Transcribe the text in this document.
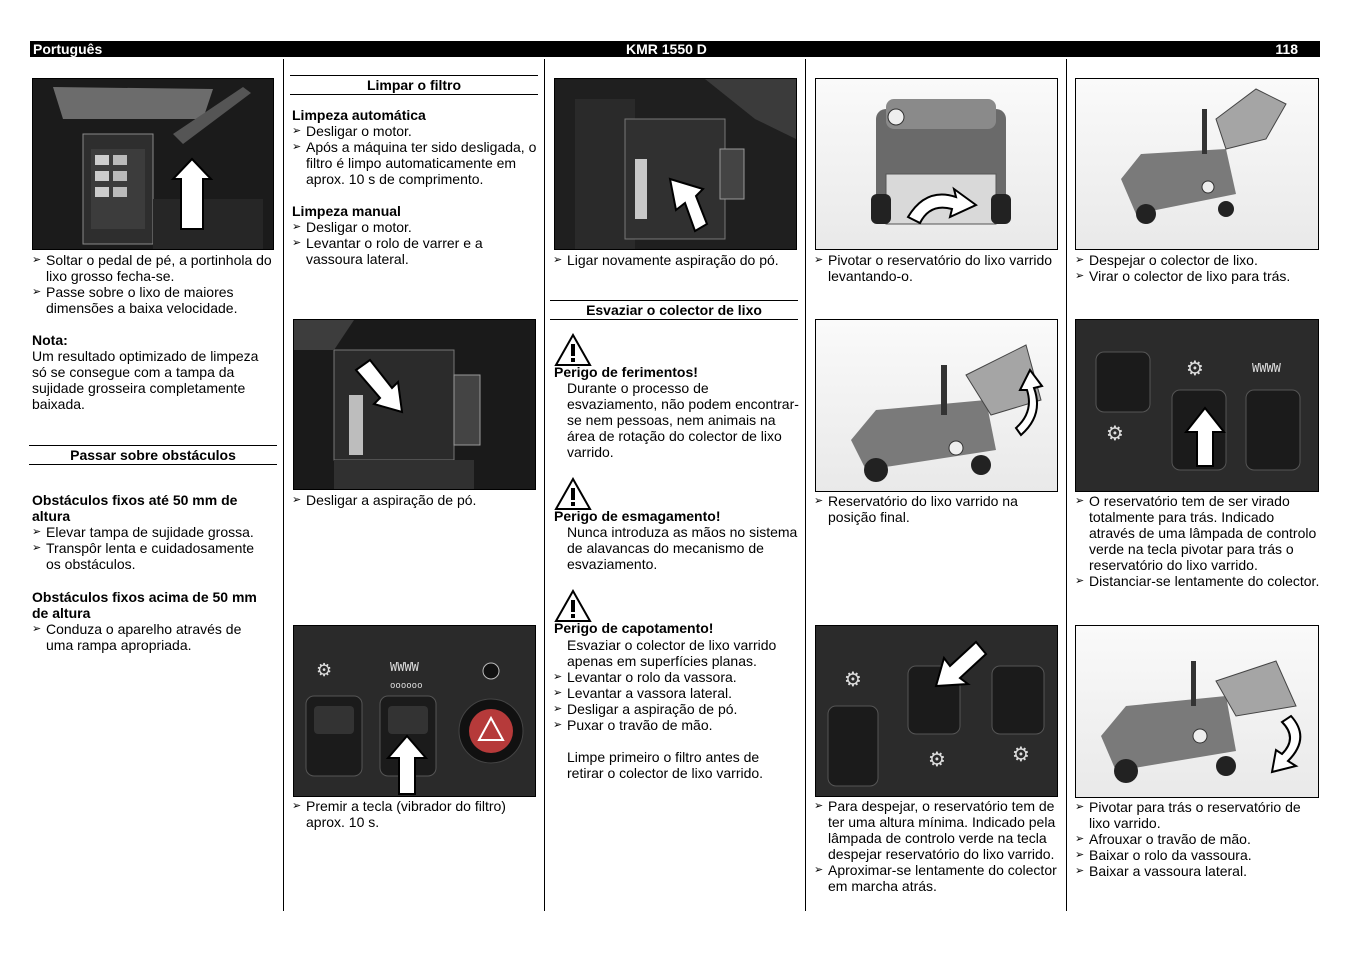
Português	KMR 1550 D	118
➢ Soltar o pedal de pé, a portinhola do lixo grosso fecha-se.
➢ Passe sobre o lixo de maiores dimensões a baixa velocidade.
Nota:
Um resultado optimizado de limpeza só se consegue com a tampa da sujidade grosseira completamente baixada.
Passar sobre obstáculos
Obstáculos fixos até 50 mm de altura
➢ Elevar tampa de sujidade grossa.
➢ Transpôr lenta e cuidadosamente os obstáculos.
Obstáculos fixos acima de 50 mm de altura
➢ Conduza o aparelho através de uma rampa apropriada.
Limpar o filtro
Limpeza automática
➢ Desligar o motor.
➢ Após a máquina ter sido desligada, o filtro é limpo automaticamente em aprox. 10 s de comprimento.
Limpeza manual
➢ Desligar o motor.
➢ Levantar o rolo de varrer e a vassoura lateral.
➢ Desligar a aspiração de pó.
⚙	WWWW
oooooo
➢ Premir a tecla (vibrador do filtro) aprox. 10 s.
➢ Ligar novamente aspiração do pó.
Esvaziar o colector de lixo
Perigo de ferimentos!
Durante o processo de esvaziamento, não podem encontrar-se nem pessoas, nem animais na área de rotação do colector de lixo varrido.
Perigo de esmagamento!
Nunca introduza as mãos no sistema de alavancas do mecanismo de esvaziamento.
Perigo de capotamento!
Esvaziar o colector de lixo varrido apenas em superfícies planas.
➢ Levantar o rolo da vassora.
➢ Levantar a vassora lateral.
➢ Desligar a aspiração de pó.
➢ Puxar o travão de mão.
Limpe primeiro o filtro antes de retirar o colector de lixo varrido.
➢ Pivotar o reservatório do lixo varrido levantando-o.
➢ Reservatório do lixo varrido na posição final.
⚙
⚙	⚙
➢ Para despejar, o reservatório tem de ter uma altura mínima. Indicado pela lâmpada de controlo verde na tecla despejar reservatório do lixo varrido.
➢ Aproximar-se lentamente do colector em marcha atrás.
➢ Despejar o colector de lixo.
➢ Virar o colector de lixo para trás.
⚙	WWWW
⚙
➢ O reservatório tem de ser virado totalmente para trás. Indicado através de uma lâmpada de controlo verde na tecla pivotar para trás o reservatório do lixo varrido.
➢ Distanciar-se lentamente do colector.
➢ Pivotar para trás o reservatório de lixo varrido.
➢ Afrouxar o travão de mão.
➢ Baixar o rolo da vassoura.
➢ Baixar a vassoura lateral.
